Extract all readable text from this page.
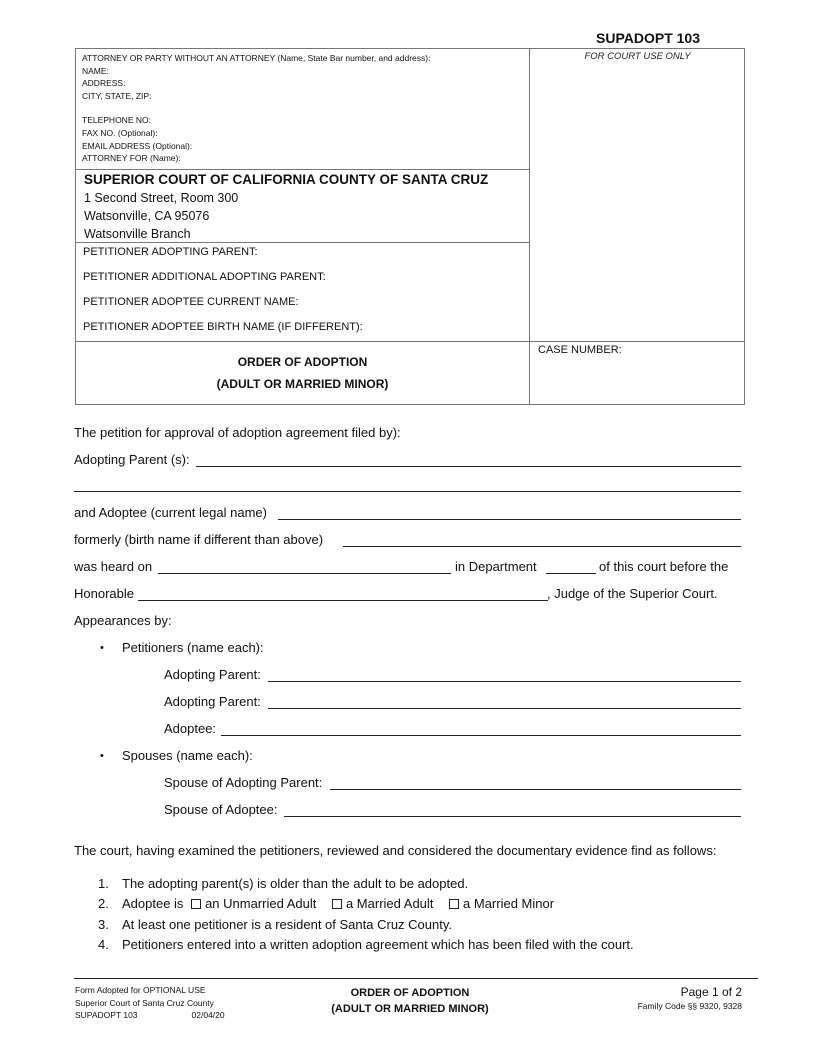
SUPADOPT 103
FOR COURT USE ONLY
ATTORNEY OR PARTY WITHOUT AN ATTORNEY (Name, State Bar number, and address):
NAME:
ADDRESS:
CITY, STATE, ZIP:
TELEPHONE NO:
FAX NO. (Optional):
EMAIL ADDRESS (Optional):
ATTORNEY FOR (Name):
SUPERIOR COURT OF CALIFORNIA COUNTY OF SANTA CRUZ
1 Second Street, Room 300
Watsonville, CA 95076
Watsonville Branch
PETITIONER ADOPTING PARENT:
PETITIONER ADDITIONAL ADOPTING PARENT:
PETITIONER ADOPTEE CURRENT NAME:
PETITIONER ADOPTEE BIRTH NAME (IF DIFFERENT):
ORDER OF ADOPTION
(ADULT OR MARRIED MINOR)
CASE NUMBER:
The petition for approval of adoption agreement filed by):
Adopting Parent (s):
and Adoptee (current legal name)
formerly (birth name if different than above)
was heard on	in Department	of this court before the
Honorable	, Judge of the Superior Court.
Appearances by:
• Petitioners (name each):
Adopting Parent:
Adopting Parent:
Adoptee:
• Spouses (name each):
Spouse of Adopting Parent:
Spouse of Adoptee:
The court, having examined the petitioners, reviewed and considered the documentary evidence find as follows:
1. The adopting parent(s) is older than the adult to be adopted.
2. Adoptee is an Unmarried Adult a Married Adult a Married Minor
3. At least one petitioner is a resident of Santa Cruz County.
4. Petitioners entered into a written adoption agreement which has been filed with the court.
Form Adopted for OPTIONAL USE
Superior Court of Santa Cruz County
SUPADOPT 103	02/04/20
ORDER OF ADOPTION
(ADULT OR MARRIED MINOR)
Page 1 of 2
Family Code §§ 9320, 9328
